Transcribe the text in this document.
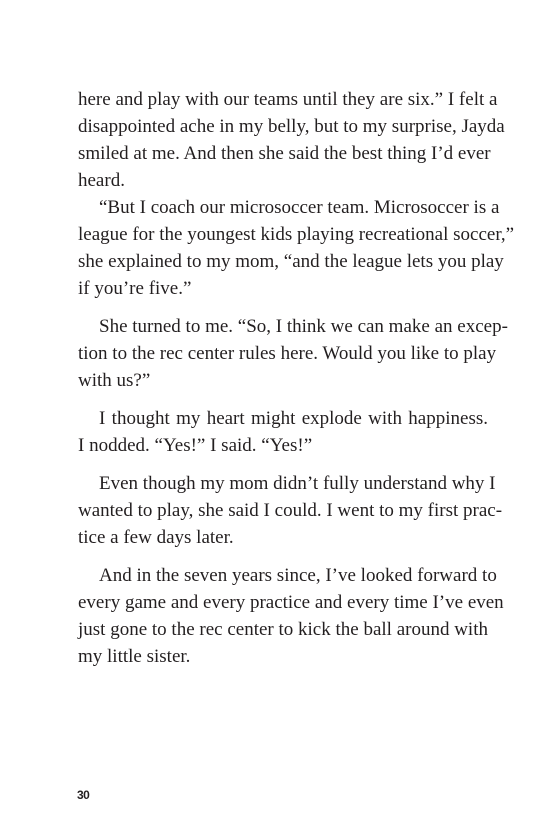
here and play with our teams until they are six.” I felt a
disappointed ache in my belly, but to my surprise, Jayda
smiled at me. And then she said the best thing I’d ever
heard.
“But I coach our microsoccer team. Microsoccer is a
league for the youngest kids playing recreational soccer,”
she explained to my mom, “and the league lets you play
if you’re five.”
She turned to me. “So, I think we can make an excep-
tion to the rec center rules here. Would you like to play
with us?”
I thought my heart might explode with happiness.
I nodded. “Yes!” I said. “Yes!”
Even though my mom didn’t fully understand why I
wanted to play, she said I could. I went to my first prac-
tice a few days later.
And in the seven years since, I’ve looked forward to
every game and every practice and every time I’ve even
just gone to the rec center to kick the ball around with
my little sister.
30
